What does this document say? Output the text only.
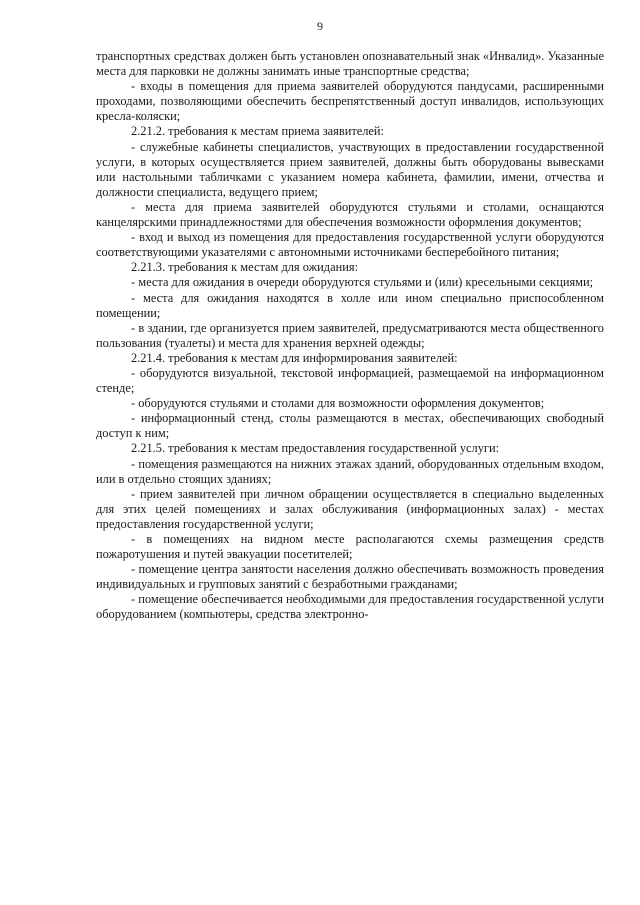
9

транспортных средствах должен быть установлен опознавательный знак «Инвалид». Указанные места для парковки не должны занимать иные транспортные средства;

- входы в помещения для приема заявителей оборудуются пандусами, расширенными проходами, позволяющими обеспечить беспрепятственный доступ инвалидов, использующих кресла-коляски;

2.21.2. требования к местам приема заявителей:

- служебные кабинеты специалистов, участвующих в предоставлении государственной услуги, в которых осуществляется прием заявителей, должны быть оборудованы вывесками или настольными табличками с указанием номера кабинета, фамилии, имени, отчества и должности специалиста, ведущего прием;

- места для приема заявителей оборудуются стульями и столами, оснащаются канцелярскими принадлежностями для обеспечения возможности оформления документов;

- вход и выход из помещения для предоставления государственной услуги оборудуются соответствующими указателями с автономными источниками бесперебойного питания;

2.21.3. требования к местам для ожидания:

- места для ожидания в очереди оборудуются стульями и (или) кресельными секциями;

- места для ожидания находятся в холле или ином специально приспособленном помещении;

- в здании, где организуется прием заявителей, предусматриваются места общественного пользования (туалеты) и места для хранения верхней одежды;

2.21.4. требования к местам для информирования заявителей:

- оборудуются визуальной, текстовой информацией, размещаемой на информационном стенде;

- оборудуются стульями и столами для возможности оформления документов;

- информационный стенд, столы размещаются в местах, обеспечивающих свободный доступ к ним;

2.21.5. требования к местам предоставления государственной услуги:

- помещения размещаются на нижних этажах зданий, оборудованных отдельным входом, или в отдельно стоящих зданиях;

- прием заявителей при личном обращении осуществляется в специально выделенных для этих целей помещениях и залах обслуживания (информационных залах) - местах предоставления государственной услуги;

- в помещениях на видном месте располагаются схемы размещения средств пожаротушения и путей эвакуации посетителей;

- помещение центра занятости населения должно обеспечивать возможность проведения индивидуальных и групповых занятий с безработными гражданами;

- помещение обеспечивается необходимыми для предоставления государственной услуги оборудованием (компьютеры, средства электронно-
